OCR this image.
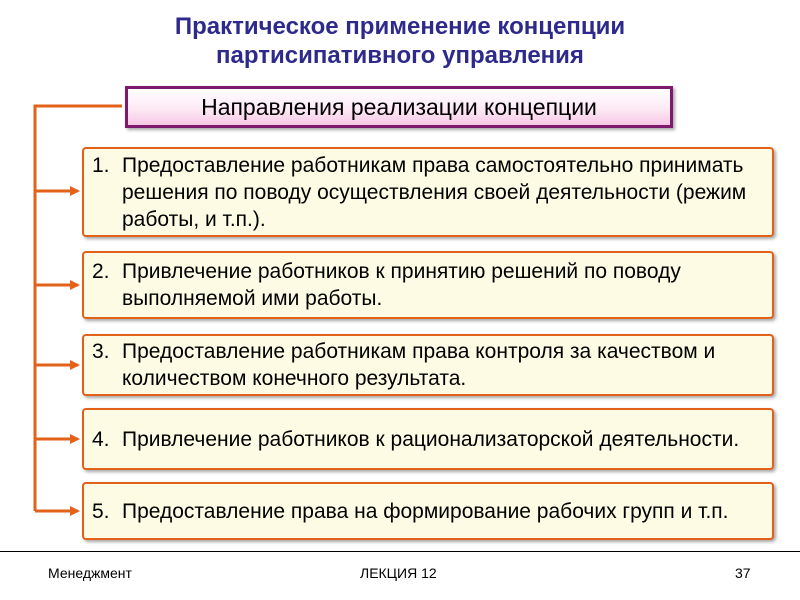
Практическое применение концепции
партисипативного управления
Направления реализации концепции
1. Предоставление работникам права самостоятельно принимать решения по поводу осуществления своей деятельности (режим работы, и т.п.).
2. Привлечение работников к принятию решений по поводу выполняемой ими работы.
3. Предоставление работникам права контроля за качеством и количеством конечного результата.
4. Привлечение работников к рационализаторской деятельности.
5. Предоставление права на формирование рабочих групп и т.п.
Менеджмент	ЛЕКЦИЯ 12	37
